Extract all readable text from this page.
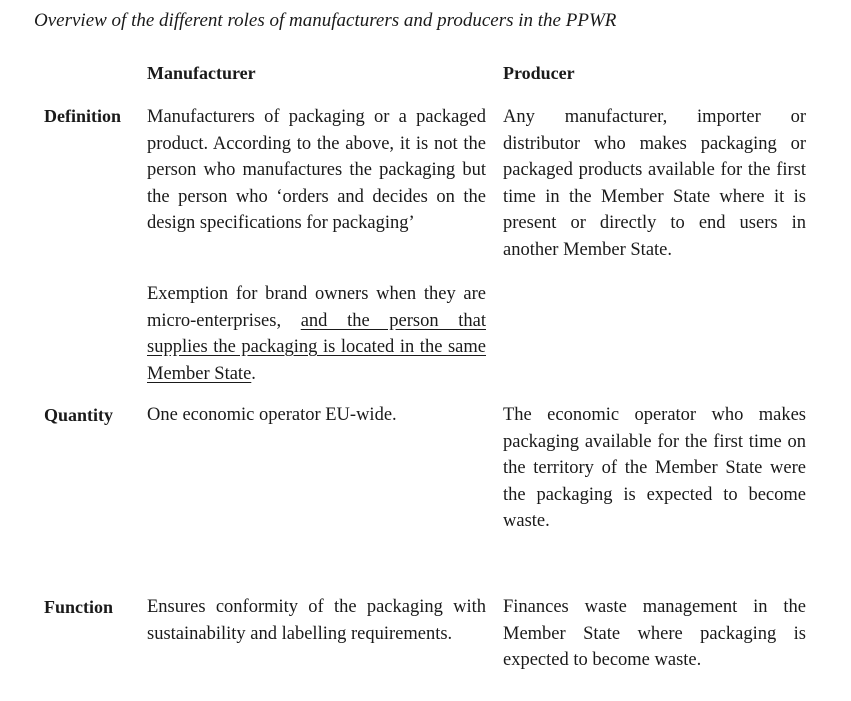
Overview of the different roles of manufacturers and producers in the PPWR
Manufacturer	Producer
Definition Manufacturers of packaging or a packaged product. According to the above, it is not the person who manufactures the packaging but the person who ‘orders and decides on the design specifications for packaging’
Exemption for brand owners when they are micro-enterprises, and the person that supplies the packaging is located in the same Member State.
Any manufacturer, importer or distributor who makes packaging or packaged products available for the first time in the Member State where it is present or directly to end users in another Member State.
Quantity One economic operator EU-wide.	The economic operator who makes packaging available for the first time on the territory of the Member State were the packaging is expected to become waste.
Function Ensures conformity of the packaging with sustainability and labelling requirements.
Finances waste management in the Member State where packaging is expected to become waste.
